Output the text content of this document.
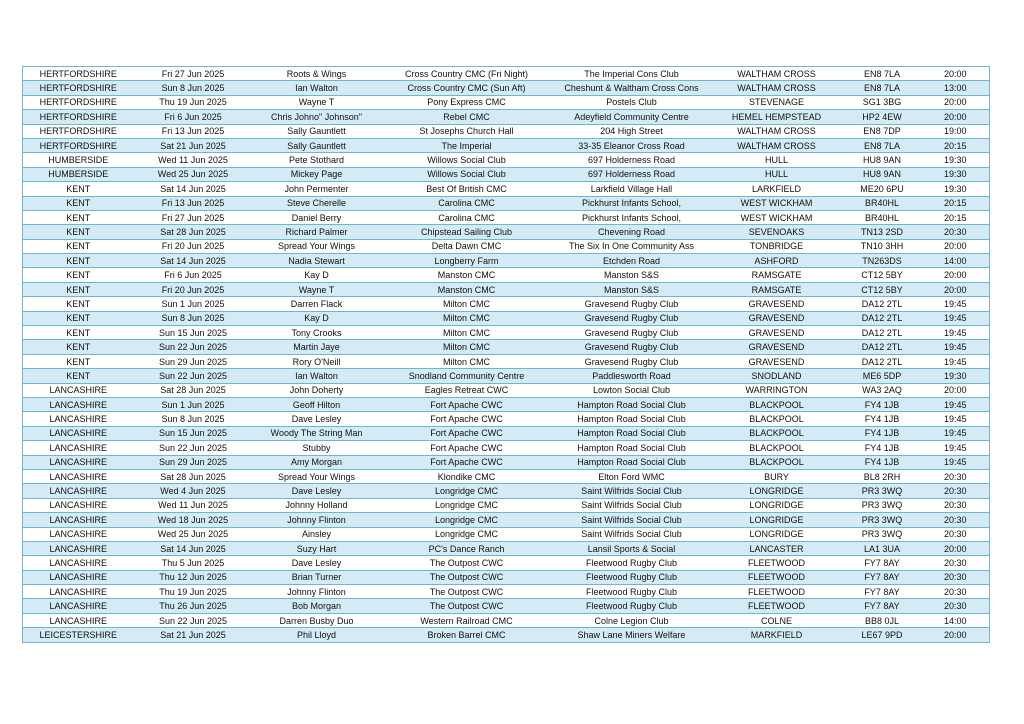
HERTFORDSHIRE	Fri 27 Jun 2025	Roots & Wings	Cross Country CMC (Fri Night)	The Imperial Cons Club	WALTHAM CROSS	EN8 7LA	20:00
HERTFORDSHIRE	Sun 8 Jun 2025	Ian Walton	Cross Country CMC (Sun Aft)	Cheshunt & Waltham Cross Cons	WALTHAM CROSS	EN8 7LA	13:00
HERTFORDSHIRE	Thu 19 Jun 2025	Wayne T	Pony Express CMC	Postels Club	STEVENAGE	SG1 3BG	20:00
HERTFORDSHIRE	Fri 6 Jun 2025	Chris Johno" Johnson"	Rebel CMC	Adeyfield Community Centre	HEMEL HEMPSTEAD	HP2 4EW	20:00
HERTFORDSHIRE	Fri 13 Jun 2025	Sally Gauntlett	St Josephs Church Hall	204 High Street	WALTHAM CROSS	EN8 7DP	19:00
HERTFORDSHIRE	Sat 21 Jun 2025	Sally Gauntlett	The Imperial	33-35 Eleanor Cross Road	WALTHAM CROSS	EN8 7LA	20:15
HUMBERSIDE	Wed 11 Jun 2025	Pete Stothard	Willows Social Club	697 Holderness Road	HULL	HU8 9AN	19:30
HUMBERSIDE	Wed 25 Jun 2025	Mickey Page	Willows Social Club	697 Holderness Road	HULL	HU8 9AN	19:30
KENT	Sat 14 Jun 2025	John Permenter	Best Of British CMC	Larkfield Village Hall	LARKFIELD	ME20 6PU	19:30
KENT	Fri 13 Jun 2025	Steve Cherelle	Carolina CMC	Pickhurst Infants School,	WEST WICKHAM	BR40HL	20:15
KENT	Fri 27 Jun 2025	Daniel Berry	Carolina CMC	Pickhurst Infants School,	WEST WICKHAM	BR40HL	20:15
KENT	Sat 28 Jun 2025	Richard Palmer	Chipstead Sailing Club	Chevening Road	SEVENOAKS	TN13 2SD	20:30
KENT	Fri 20 Jun 2025	Spread Your Wings	Delta Dawn CMC	The Six In One Community Ass	TONBRIDGE	TN10 3HH	20:00
KENT	Sat 14 Jun 2025	Nadia Stewart	Longberry Farm	Etchden Road	ASHFORD	TN263DS	14:00
KENT	Fri 6 Jun 2025	Kay D	Manston CMC	Manston S&S	RAMSGATE	CT12 5BY	20:00
KENT	Fri 20 Jun 2025	Wayne T	Manston CMC	Manston S&S	RAMSGATE	CT12 5BY	20:00
KENT	Sun 1 Jun 2025	Darren Flack	Milton CMC	Gravesend Rugby Club	GRAVESEND	DA12 2TL	19:45
KENT	Sun 8 Jun 2025	Kay D	Milton CMC	Gravesend Rugby Club	GRAVESEND	DA12 2TL	19:45
KENT	Sun 15 Jun 2025	Tony Crooks	Milton CMC	Gravesend Rugby Club	GRAVESEND	DA12 2TL	19:45
KENT	Sun 22 Jun 2025	Martin Jaye	Milton CMC	Gravesend Rugby Club	GRAVESEND	DA12 2TL	19:45
KENT	Sun 29 Jun 2025	Rory O'Neill	Milton CMC	Gravesend Rugby Club	GRAVESEND	DA12 2TL	19:45
KENT	Sun 22 Jun 2025	Ian Walton	Snodland Community Centre	Paddlesworth Road	SNODLAND	ME6 5DP	19:30
LANCASHIRE	Sat 28 Jun 2025	John Doherty	Eagles Retreat CWC	Lowton Social Club	WARRINGTON	WA3 2AQ	20:00
LANCASHIRE	Sun 1 Jun 2025	Geoff Hilton	Fort Apache CWC	Hampton Road Social Club	BLACKPOOL	FY4 1JB	19:45
LANCASHIRE	Sun 8 Jun 2025	Dave Lesley	Fort Apache CWC	Hampton Road Social Club	BLACKPOOL	FY4 1JB	19:45
LANCASHIRE	Sun 15 Jun 2025	Woody The String Man	Fort Apache CWC	Hampton Road Social Club	BLACKPOOL	FY4 1JB	19:45
LANCASHIRE	Sun 22 Jun 2025	Stubby	Fort Apache CWC	Hampton Road Social Club	BLACKPOOL	FY4 1JB	19:45
LANCASHIRE	Sun 29 Jun 2025	Amy Morgan	Fort Apache CWC	Hampton Road Social Club	BLACKPOOL	FY4 1JB	19:45
LANCASHIRE	Sat 28 Jun 2025	Spread Your Wings	Klondike CMC	Elton Ford WMC	BURY	BL8 2RH	20:30
LANCASHIRE	Wed 4 Jun 2025	Dave Lesley	Longridge CMC	Saint Wilfrids Social Club	LONGRIDGE	PR3 3WQ	20:30
LANCASHIRE	Wed 11 Jun 2025	Johnny Holland	Longridge CMC	Saint Wilfrids Social Club	LONGRIDGE	PR3 3WQ	20:30
LANCASHIRE	Wed 18 Jun 2025	Johnny Flinton	Longridge CMC	Saint Wilfrids Social Club	LONGRIDGE	PR3 3WQ	20:30
LANCASHIRE	Wed 25 Jun 2025	Ainsley	Longridge CMC	Saint Wilfrids Social Club	LONGRIDGE	PR3 3WQ	20:30
LANCASHIRE	Sat 14 Jun 2025	Suzy Hart	PC's Dance Ranch	Lansil Sports & Social	LANCASTER	LA1 3UA	20:00
LANCASHIRE	Thu 5 Jun 2025	Dave Lesley	The Outpost CWC	Fleetwood Rugby Club	FLEETWOOD	FY7 8AY	20:30
LANCASHIRE	Thu 12 Jun 2025	Brian Turner	The Outpost CWC	Fleetwood Rugby Club	FLEETWOOD	FY7 8AY	20:30
LANCASHIRE	Thu 19 Jun 2025	Johnny Flinton	The Outpost CWC	Fleetwood Rugby Club	FLEETWOOD	FY7 8AY	20:30
LANCASHIRE	Thu 26 Jun 2025	Bob Morgan	The Outpost CWC	Fleetwood Rugby Club	FLEETWOOD	FY7 8AY	20:30
LANCASHIRE	Sun 22 Jun 2025	Darren Busby Duo	Western Railroad CMC	Colne Legion Club	COLNE	BB8 0JL	14:00
LEICESTERSHIRE	Sat 21 Jun 2025	Phil Lloyd	Broken Barrel CMC	Shaw Lane Miners Welfare	MARKFIELD	LE67 9PD	20:00
